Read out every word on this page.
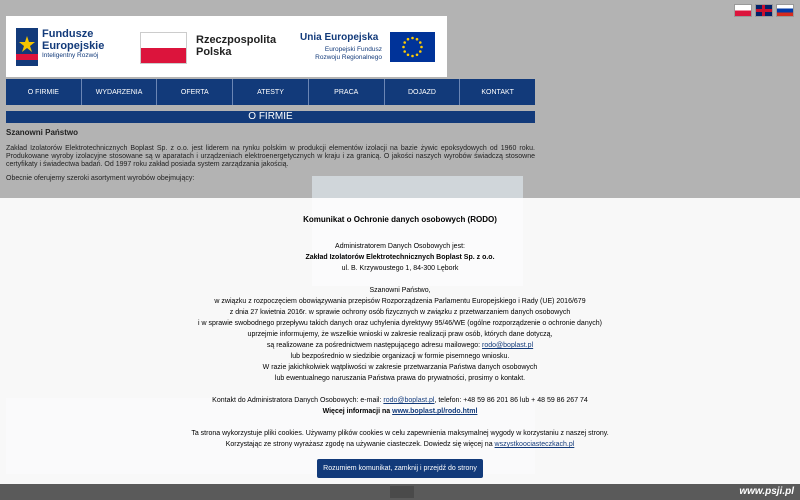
Fundusze
Europejskie
Inteligentny Rozwój
Rzeczpospolita
Polska
Unia Europejska
Europejski Fundusz
Rozwoju Regionalnego
O FIRMIE	WYDARZENIA	OFERTA	ATESTY	PRACA	DOJAZD	KONTAKT
O FIRMIE
Szanowni Państwo

Zakład Izolatorów Elektrotechnicznych Boplast Sp. z o.o. jest liderem na rynku polskim w produkcji elementów izolacji na bazie żywic epoksydowych od 1960 roku. Produkowane wyroby izolacyjne stosowane są w aparatach i urządzeniach elektroenergetycznych w kraju i za granicą. O jakości naszych wyrobów świadczą stosowne certyfikaty i świadectwa badań. Od 1997 roku zakład posiada system zarządzania jakością.

Obecnie oferujemy szeroki asortyment wyrobów obejmujący:

Komunikat o Ochronie danych osobowych (RODO)

Administratorem Danych Osobowych jest:

Zakład Izolatorów Elektrotechnicznych Boplast Sp. z o.o.

ul. B. Krzywoustego 1, 84-300 Lębork

Szanowni Państwo,

w związku z rozpoczęciem obowiązywania przepisów Rozporządzenia Parlamentu Europejskiego i Rady (UE) 2016/679

z dnia 27 kwietnia 2016r. w sprawie ochrony osób fizycznych w związku z przetwarzaniem danych osobowych

i w sprawie swobodnego przepływu takich danych oraz uchylenia dyrektywy 95/46/WE (ogólne rozporządzenie o ochronie danych)

uprzejmie informujemy, że wszelkie wnioski w zakresie realizacji praw osób, których dane dotyczą,

są realizowane za pośrednictwem następującego adresu mailowego: rodo@boplast.pl

lub bezpośrednio w siedzibie organizacji w formie pisemnego wniosku.

W razie jakichkolwiek wątpliwości w zakresie przetwarzania Państwa danych osobowych

lub ewentualnego naruszania Państwa prawa do prywatności, prosimy o kontakt.

Kontakt do Administratora Danych Osobowych: e-mail: rodo@boplast.pl, telefon: +48 59 86 201 86 lub + 48 59 86 267 74

Więcej informacji na www.boplast.pl/rodo.html

Ta strona wykorzystuje pliki cookies. Używamy plików cookies w celu zapewnienia maksymalnej wygody w korzystaniu z naszej strony.

Korzystając ze strony wyrażasz zgodę na używanie ciasteczek. Dowiedz się więcej na wszystkoociasteczkach.pl

Rozumiem komunikat, zamknij i przejdź do strony
www.psji.pl
